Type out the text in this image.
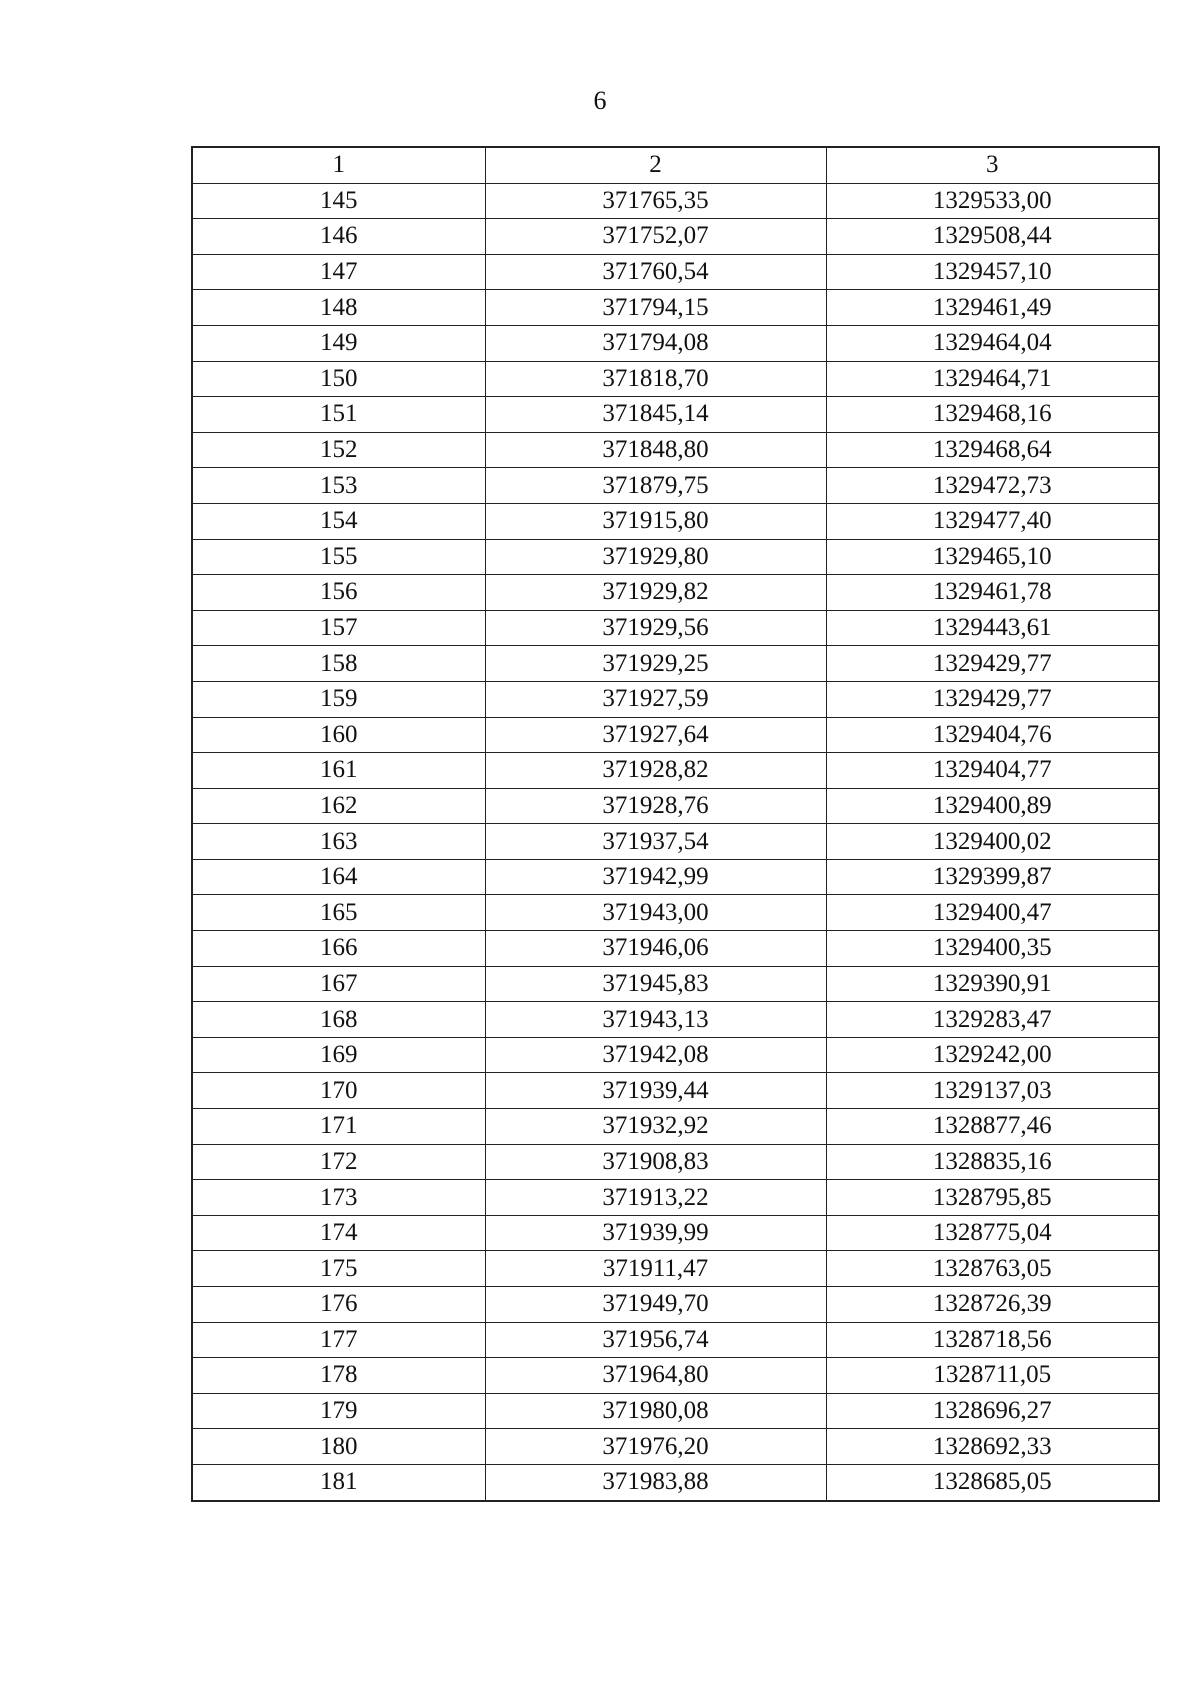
6
1	2	3
145	371765,35	1329533,00
146	371752,07	1329508,44
147	371760,54	1329457,10
148	371794,15	1329461,49
149	371794,08	1329464,04
150	371818,70	1329464,71
151	371845,14	1329468,16
152	371848,80	1329468,64
153	371879,75	1329472,73
154	371915,80	1329477,40
155	371929,80	1329465,10
156	371929,82	1329461,78
157	371929,56	1329443,61
158	371929,25	1329429,77
159	371927,59	1329429,77
160	371927,64	1329404,76
161	371928,82	1329404,77
162	371928,76	1329400,89
163	371937,54	1329400,02
164	371942,99	1329399,87
165	371943,00	1329400,47
166	371946,06	1329400,35
167	371945,83	1329390,91
168	371943,13	1329283,47
169	371942,08	1329242,00
170	371939,44	1329137,03
171	371932,92	1328877,46
172	371908,83	1328835,16
173	371913,22	1328795,85
174	371939,99	1328775,04
175	371911,47	1328763,05
176	371949,70	1328726,39
177	371956,74	1328718,56
178	371964,80	1328711,05
179	371980,08	1328696,27
180	371976,20	1328692,33
181	371983,88	1328685,05
